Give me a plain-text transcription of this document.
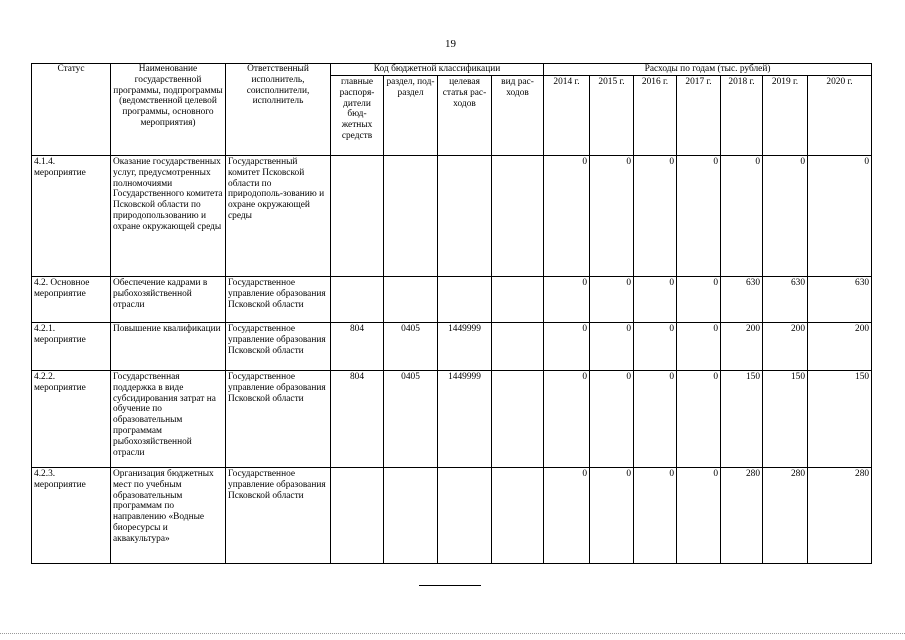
19
Статус	Наименование государственной программы, подпрограммы (ведомственной целевой программы, основного мероприятия)	Ответственный исполнитель, соисполнители, исполнитель	Код бюджетной классификации				Расходы по годам (тыс. рублей)						
			главные распоря-дители бюд-жетных средств	раздел, под-раздел	целевая статья рас-ходов	вид рас-ходов	2014 г.	2015 г.	2016 г.	2017 г.	2018 г.	2019 г.	2020 г.
4.1.4. мероприятие	Оказание государственных услуг, предусмотренных полномочиями Государственного комитета Псковской области по природопользованию и охране окружающей среды	Государственный комитет Псковской области по природополь-зованию и охране окружающей среды					0	0	0	0	0	0	0
4.2. Основное мероприятие	Обеспечение кадрами в рыбохозяйственной отрасли	Государственное управление образования Псковской области					0	0	0	0	630	630	630
4.2.1. мероприятие	Повышение квалификации	Государственное управление образования Псковской области	804	0405	1449999		0	0	0	0	200	200	200
4.2.2. мероприятие	Государственная поддержка в виде субсидирования затрат на обучение по образовательным программам рыбохозяйственной отрасли	Государственное управление образования Псковской области	804	0405	1449999		0	0	0	0	150	150	150
4.2.3. мероприятие	Организация бюджетных мест по учебным образовательным программам по направлению «Водные биоресурсы и аквакультура»	Государственное управление образования Псковской области					0	0	0	0	280	280	280
